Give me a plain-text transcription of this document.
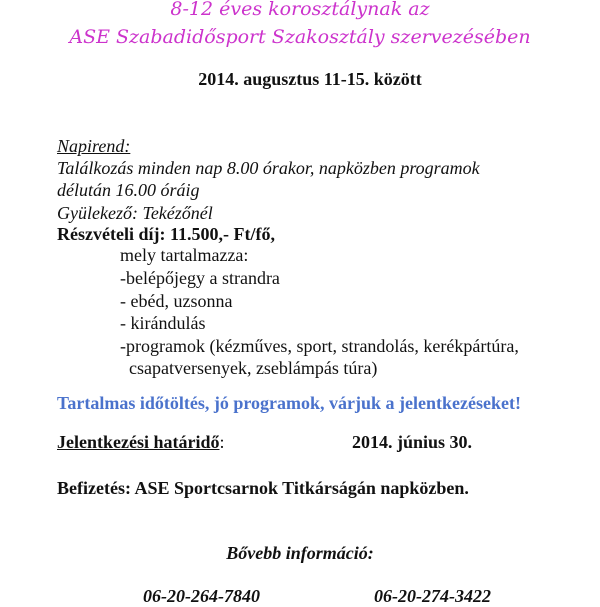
8-12 éves korosztálynak az
ASE Szabadidősport Szakosztály szervezésében
2014. augusztus 11-15. között
Napirend:
Találkozás minden nap 8.00 órakor, napközben programok
délután 16.00 óráig
Gyülekező: Tekézőnél
Részvételi díj: 11.500,- Ft/fő,
mely tartalmazza:
-belépőjegy a strandra
- ebéd, uzsonna
- kirándulás
-programok (kézműves, sport, strandolás, kerékpártúra,
csapatversenyek, zseblámpás túra)
Tartalmas időtöltés, jó programok, várjuk a jelentkezéseket!
Jelentkezési határidő:	2014. június 30.
Befizetés: ASE Sportcsarnok Titkárságán napközben.
Bővebb információ:
06-20-264-7840	06-20-274-3422
